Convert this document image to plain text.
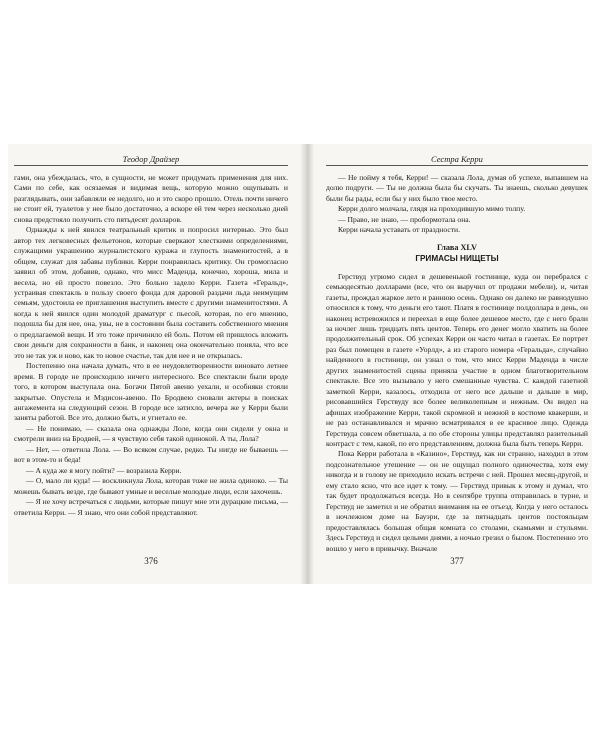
Теодор Драйзер

гами, она убеждалась, что, в сущности, не может придумать применения для них. Сами по себе, как осязаемая и видимая вещь, которую можно ощупывать и разглядывать, они забавляли ее недолго, но и это скоро прошло. Отель почти ничего не стоит ей, туалетов у нее было достаточно, а вскоре ей тем через несколько дней снова предстояло получить сто пятьдесят долларов.

Однажды к ней явился театральный критик и попросил интервью. Это был автор тех легковесных фельетонов, которые сверкают хлесткими определениями, служащими украшению журналистского куража и глупость знаменитостей, а в общем, служат для забавы публики. Керри понравилась критику. Он громогласно заявил об этом, добавив, однако, что мисс Маденда, конечно, хороша, мила и весела, но ей просто повезло. Это больно задело Керри. Газета «Геральд», устраивая спектакль в пользу своего фонда для даровой раздачи льда неимущим семьям, удостоила ее приглашения выступить вместе с другими знаменитостями. А когда к ней явился один молодой драматург с пьесой, которая, по его мнению, подошла бы для нее, она, увы, не в состоянии была составить собственного мнения о предлагаемой вещи. И это тоже причинило ей боль. Потом ей пришлось вложить свои деньги для сохранности в банк, и наконец она окончательно поняла, что все это не так уж и ново, как то новое счастье, так для нее и не открылась.

Постепенно она начала думать, что в ее неудовлетворенности виновато летнее время. В городе не происходило ничего интересного. Все спектакли были вроде того, в котором выступала она. Богачи Пятой авеню уехали, и особняки стояли закрытые. Опустела и Мэдисон-авеню. По Бродвею сновали актеры в поисках ангажемента на следующий сезон. В городе все затихло, вечера же у Керри были заняты работой. Все это, должно быть, и угнетало ее.

— Не понимаю, — сказала она однажды Лоле, когда они сидели у окна и смотрели вниз на Бродвей, — я чувствую себя такой одинокой. А ты, Лола?

— Нет, — ответила Лола. — Во всяком случае, редко. Ты нигде не бываешь — вот в этом-то и беда!

— А куда же я могу пойти? — возразила Керри.

— О, мало ли куда! — воскликнула Лола, которая тоже не жила одиноко. — Ты можешь бывать везде, где бывают умные и веселые молодые люди, если захочешь.

— Я не хочу встречаться с людьми, которые пишут мне эти дурацкие письма, — ответила Керри. — Я знаю, что они собой представляют.

376
Сестра Керри

— Не пойму я тебя, Керри! — сказала Лола, думая об успехе, выпавшем на долю подруги. — Ты не должна была бы скучать. Ты знаешь, сколько девушек были бы рады, если бы у них было твое место.

Керри долго молчала, глядя на проходившую мимо толпу.

— Право, не знаю, — пробормотала она.

Керри начала уставать от праздности.

Глава XLV
ГРИМАСЫ НИЩЕТЫ

Герствуд угрюмо сидел в дешевенькой гостинице, куда он перебрался с семьюдесятью долларами (все, что он выручил от продажи мебели), и, читая газеты, прождал жаркое лето и раннюю осень. Однако он далеко не равнодушно относился к тому, что деньги его тают. Платя в гостинице полдоллара в день, он наконец встревожился и переехал в еще более дешевое место, где с него брали за ночлег лишь тридцать пять центов. Теперь его денег могло хватить на более продолжительный срок. Об успехах Керри он часто читал в газетах. Ее портрет раз был помещен в газете «Уорлд», а из старого номера «Геральда», случайно найденного в гостинице, он узнал о том, что мисс Керри Маденда в числе других знаменитостей сцены приняла участие в одном благотворительном спектакле. Все это вызывало у него смешанные чувства. С каждой газетной заметкой Керри, казалось, отходила от него все дальше и дальше в мир, рисовавшийся Герствуду все более великолепным и нежным. Он видел на афишах изображение Керри, такой скромной и нежной в костюме квакерши, и не раз останавливался и мрачно всматривался в ее красивое лицо. Одежда Герствуда совсем обветшала, а по обе стороны улицы представлял разительный контраст с тем, какой, по его представлениям, должна была быть теперь Керри.

Пока Керри работала в «Казино», Герствуд, как ни странно, находил в этом подсознательное утешение — он не ощущал полного одиночества, хотя ему никогда и в голову не приходило искать встречи с ней. Прошел месяц-другой, и ему стало ясно, что все идет к тому. — Герствуд привык к этому и думал, что так будет продолжаться всегда. Но в сентябре труппа отправилась в турне, и Герствуд не заметил и не обратил внимания на ее отъезд. Когда у него осталось в ночлежном доме на Бауэри, где за пятнадцать центов постояльцам предоставлялась большая общая комната со столами, скамьями и стульями. Здесь Герствуд и сидел целыми днями, а ночью грезил о былом. Постепенно это вошло у него в привычку. Вначале

377
